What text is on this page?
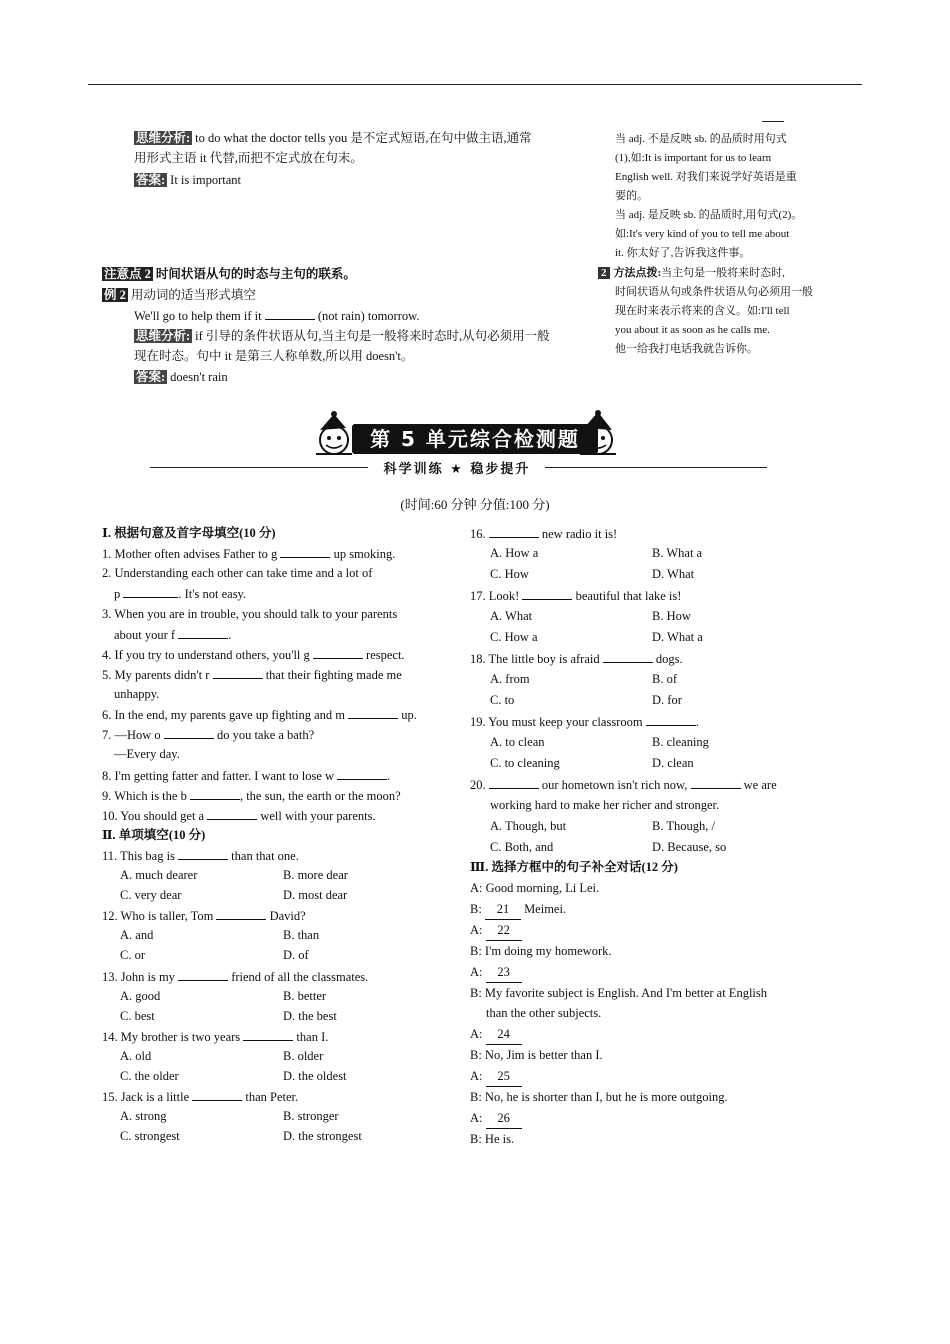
思维分析: to do what the doctor tells you 是不定式短语,在句中做主语,通常
用形式主语 it 代替,而把不定式放在句末。
答案: It is important
注意点 2 时间状语从句的时态与主句的联系。
例 2 用动词的适当形式填空
We'll go to help them if it	(not rain) tomorrow.
思维分析: if 引导的条件状语从句,当主句是一般将来时态时,从句必须用一般
现在时态。句中 it 是第三人称单数,所以用 doesn't。
答案: doesn't rain
当 adj. 不是反映 sb. 的品质时用句式
(1),如:It is important for us to learn
English well. 对我们来说学好英语是重
要的。
当 adj. 是反映 sb. 的品质时,用句式(2)。
如:It's very kind of you to tell me about
it. 你太好了,告诉我这件事。
2 方法点拨:当主句是一般将来时态时,
时间状语从句或条件状语从句必须用一般
现在时来表示将来的含义。如:I'll tell
you about it as soon as he calls me.
他一给我打电话我就告诉你。
第 5 单元综合检测题
科学训练 ★ 稳步提升
(时间:60 分钟 分值:100 分)
Ⅰ. 根据句意及首字母填空(10 分)
1. Mother often advises Father to g	up smoking.
2. Understanding each other can take time and a lot of
p	. It's not easy.
3. When you are in trouble, you should talk to your parents
about your f	.
4. If you try to understand others, you'll g	respect.
5. My parents didn't r	that their fighting made me
unhappy.
6. In the end, my parents gave up fighting and m	up.
7. —How o	do you take a bath?
—Every day.
8. I'm getting fatter and fatter. I want to lose w	.
9. Which is the b	, the sun, the earth or the moon?
10. You should get a	well with your parents.
Ⅱ. 单项填空(10 分)
11. This bag is	than that one.
A. much dearer	B. more dear
C. very dear	D. most dear
12. Who is taller, Tom	David?
A. and	B. than
C. or	D. of
13. John is my	friend of all the classmates.
A. good	B. better
C. best	D. the best
14. My brother is two years	than I.
A. old	B. older
C. the older	D. the oldest
15. Jack is a little	than Peter.
A. strong	B. stronger
C. strongest	D. the strongest
16.	new radio it is!
A. How a	B. What a
C. How	D. What
17. Look!	beautiful that lake is!
A. What	B. How
C. How a	D. What a
18. The little boy is afraid	dogs.
A. from	B. of
C. to	D. for
19. You must keep your classroom	.
A. to clean	B. cleaning
C. to cleaning	D. clean
20.	our hometown isn't rich now,	we are
working hard to make her richer and stronger.
A. Though, but	B. Though, /
C. Both, and	D. Because, so
Ⅲ. 选择方框中的句子补全对话(12 分)
A: Good morning, Li Lei.
B: 21 Meimei.
A: 22
B: I'm doing my homework.
A: 23
B: My favorite subject is English. And I'm better at English
than the other subjects.
A: 24
B: No, Jim is better than I.
A: 25
B: No, he is shorter than I, but he is more outgoing.
A: 26
B: He is.
